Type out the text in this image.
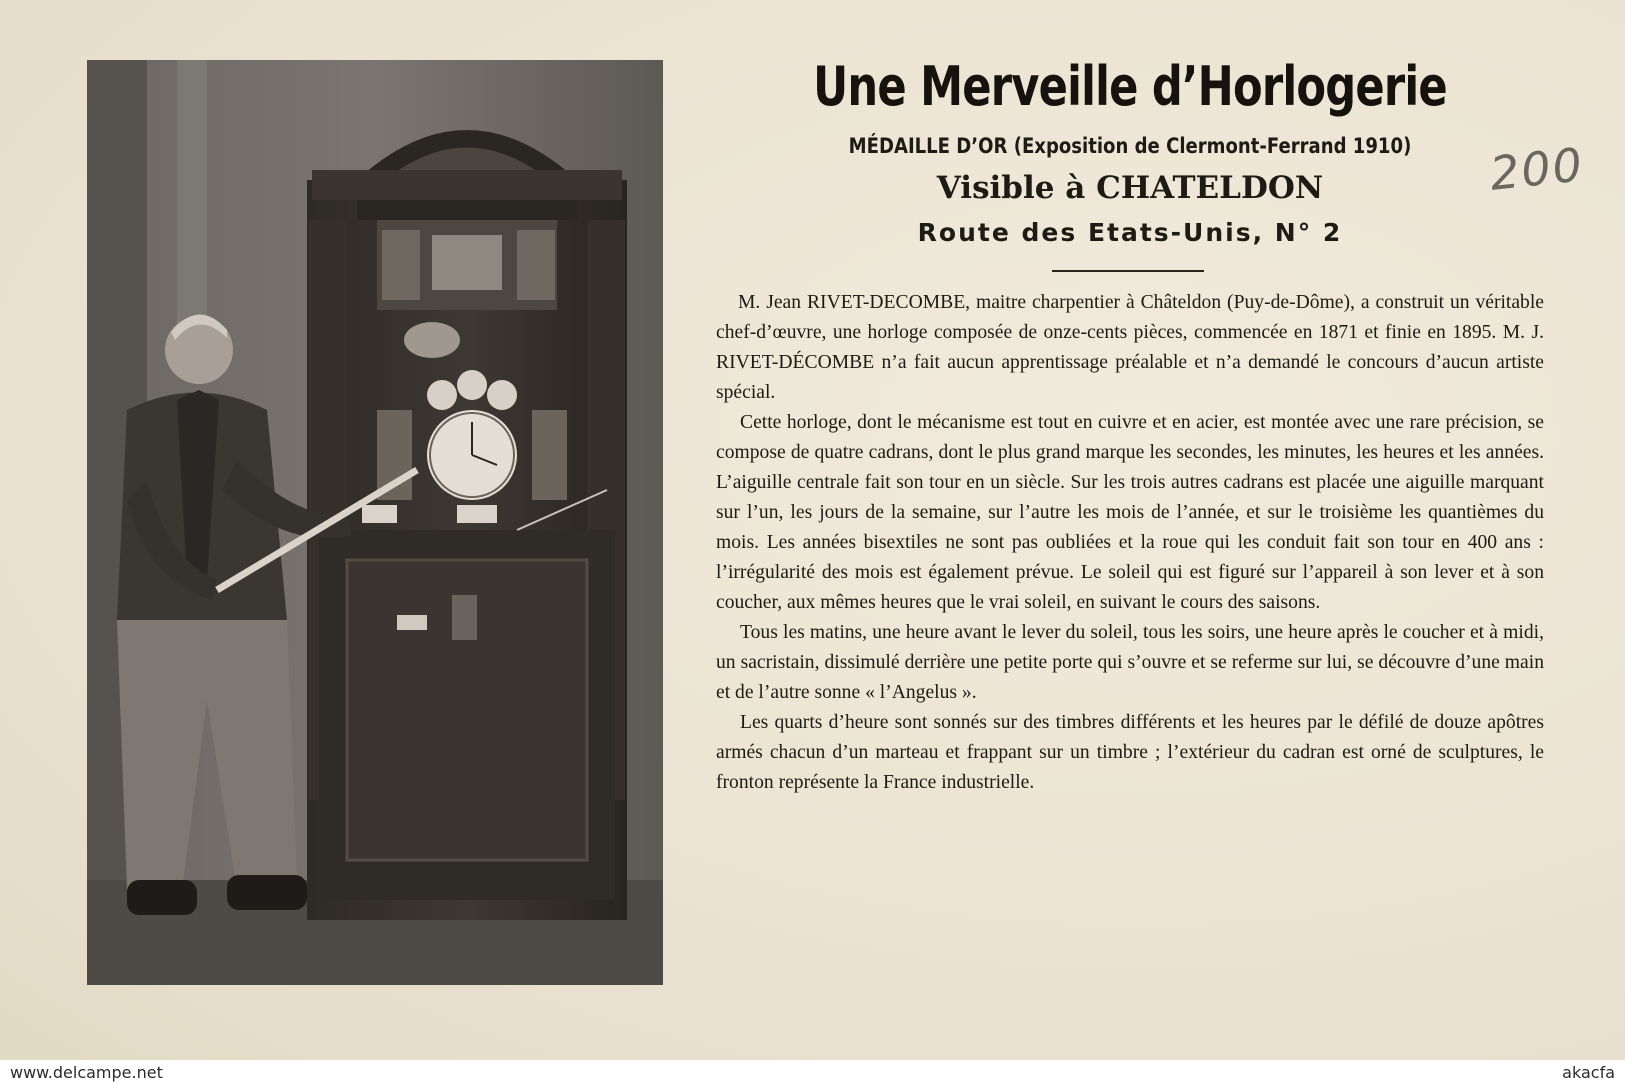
Une Merveille d’Horlogerie
MÉDAILLE D’OR (Exposition de Clermont-Ferrand 1910)
Visible à CHATELDON
Route des Etats-Unis, N° 2
200

M. Jean RIVET-DECOMBE, maitre charpentier à Châteldon (Puy-de-Dôme), a construit un véritable chef-d’œuvre, une horloge composée de onze-cents pièces, commencée en 1871 et finie en 1895. M. J. RIVET-DÉCOMBE n’a fait aucun apprentissage préalable et n’a demandé le concours d’aucun artiste spécial.

Cette horloge, dont le mécanisme est tout en cuivre et en acier, est montée avec une rare précision, se compose de quatre cadrans, dont le plus grand marque les secondes, les minutes, les heures et les années. L’aiguille centrale fait son tour en un siècle. Sur les trois autres cadrans est placée une aiguille marquant sur l’un, les jours de la semaine, sur l’autre les mois de l’année, et sur le troisième les quantièmes du mois. Les années bisextiles ne sont pas oubliées et la roue qui les conduit fait son tour en 400 ans : l’irrégularité des mois est également prévue. Le soleil qui est figuré sur l’appareil à son lever et à son coucher, aux mêmes heures que le vrai soleil, en suivant le cours des saisons.

Tous les matins, une heure avant le lever du soleil, tous les soirs, une heure après le coucher et à midi, un sacristain, dissimulé derrière une petite porte qui s’ouvre et se referme sur lui, se découvre d’une main et de l’autre sonne « l’Angelus ».

Les quarts d’heure sont sonnés sur des timbres différents et les heures par le défilé de douze apôtres armés chacun d’un marteau et frappant sur un timbre ; l’extérieur du cadran est orné de sculptures, le fronton représente la France industrielle.

www.delcampe.net	akacfa
